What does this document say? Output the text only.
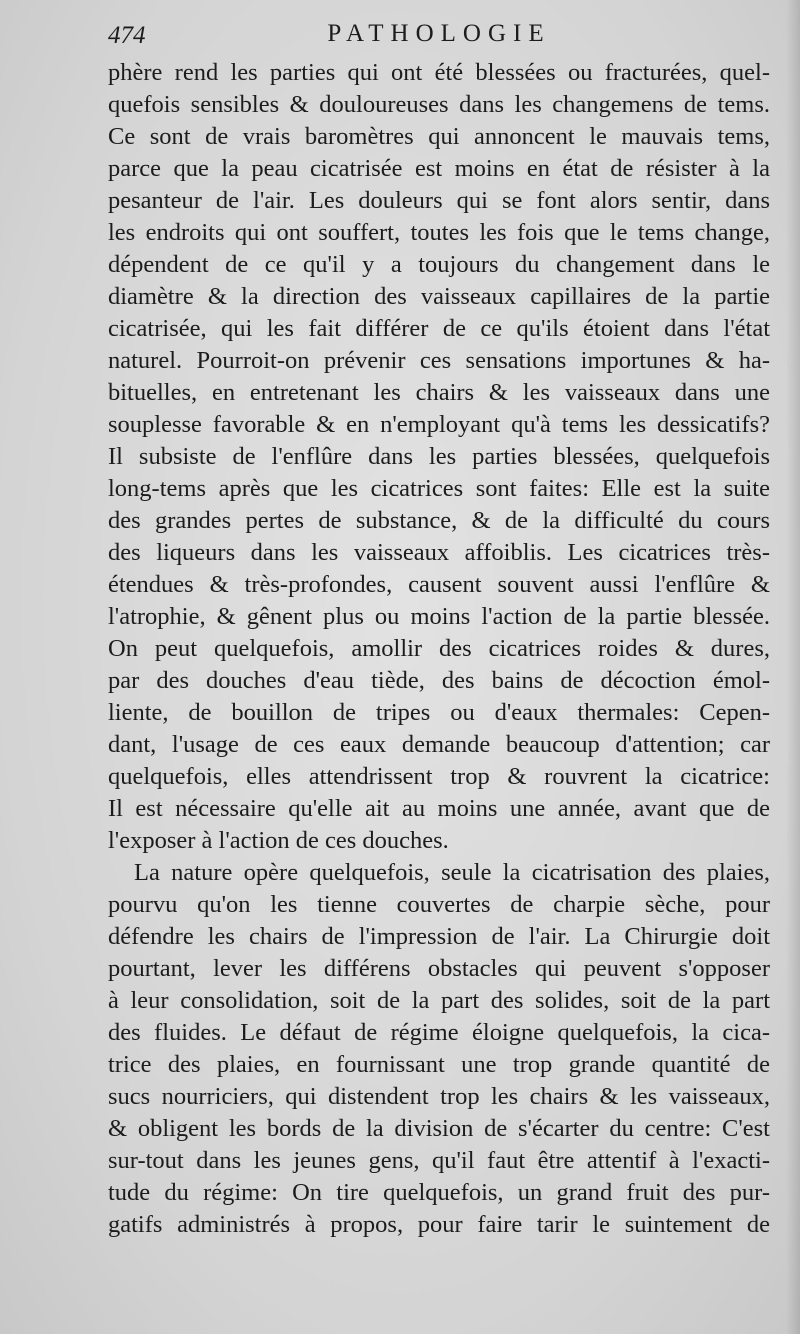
474	PATHOLOGIE
phère rend les parties qui ont été blessées ou fracturées, quel-
quefois sensibles & douloureuses dans les changemens de tems.
Ce sont de vrais baromètres qui annoncent le mauvais tems,
parce que la peau cicatrisée est moins en état de résister à la
pesanteur de l'air. Les douleurs qui se font alors sentir, dans
les endroits qui ont souffert, toutes les fois que le tems change,
dépendent de ce qu'il y a toujours du changement dans le
diamètre & la direction des vaisseaux capillaires de la partie
cicatrisée, qui les fait différer de ce qu'ils étoient dans l'état
naturel. Pourroit-on prévenir ces sensations importunes & ha-
bituelles, en entretenant les chairs & les vaisseaux dans une
souplesse favorable & en n'employant qu'à tems les dessicatifs?
Il subsiste de l'enflûre dans les parties blessées, quelquefois
long-tems après que les cicatrices sont faites: Elle est la suite
des grandes pertes de substance, & de la difficulté du cours
des liqueurs dans les vaisseaux affoiblis. Les cicatrices très-
étendues & très-profondes, causent souvent aussi l'enflûre &
l'atrophie, & gênent plus ou moins l'action de la partie blessée.
On peut quelquefois, amollir des cicatrices roides & dures,
par des douches d'eau tiède, des bains de décoction émol-
liente, de bouillon de tripes ou d'eaux thermales: Cepen-
dant, l'usage de ces eaux demande beaucoup d'attention; car
quelquefois, elles attendrissent trop & rouvrent la cicatrice:
Il est nécessaire qu'elle ait au moins une année, avant que de
l'exposer à l'action de ces douches.
La nature opère quelquefois, seule la cicatrisation des plaies,
pourvu qu'on les tienne couvertes de charpie sèche, pour
défendre les chairs de l'impression de l'air. La Chirurgie doit
pourtant, lever les différens obstacles qui peuvent s'opposer
à leur consolidation, soit de la part des solides, soit de la part
des fluides. Le défaut de régime éloigne quelquefois, la cica-
trice des plaies, en fournissant une trop grande quantité de
sucs nourriciers, qui distendent trop les chairs & les vaisseaux,
& obligent les bords de la division de s'écarter du centre: C'est
sur-tout dans les jeunes gens, qu'il faut être attentif à l'exacti-
tude du régime: On tire quelquefois, un grand fruit des pur-
gatifs administrés à propos, pour faire tarir le suintement de
